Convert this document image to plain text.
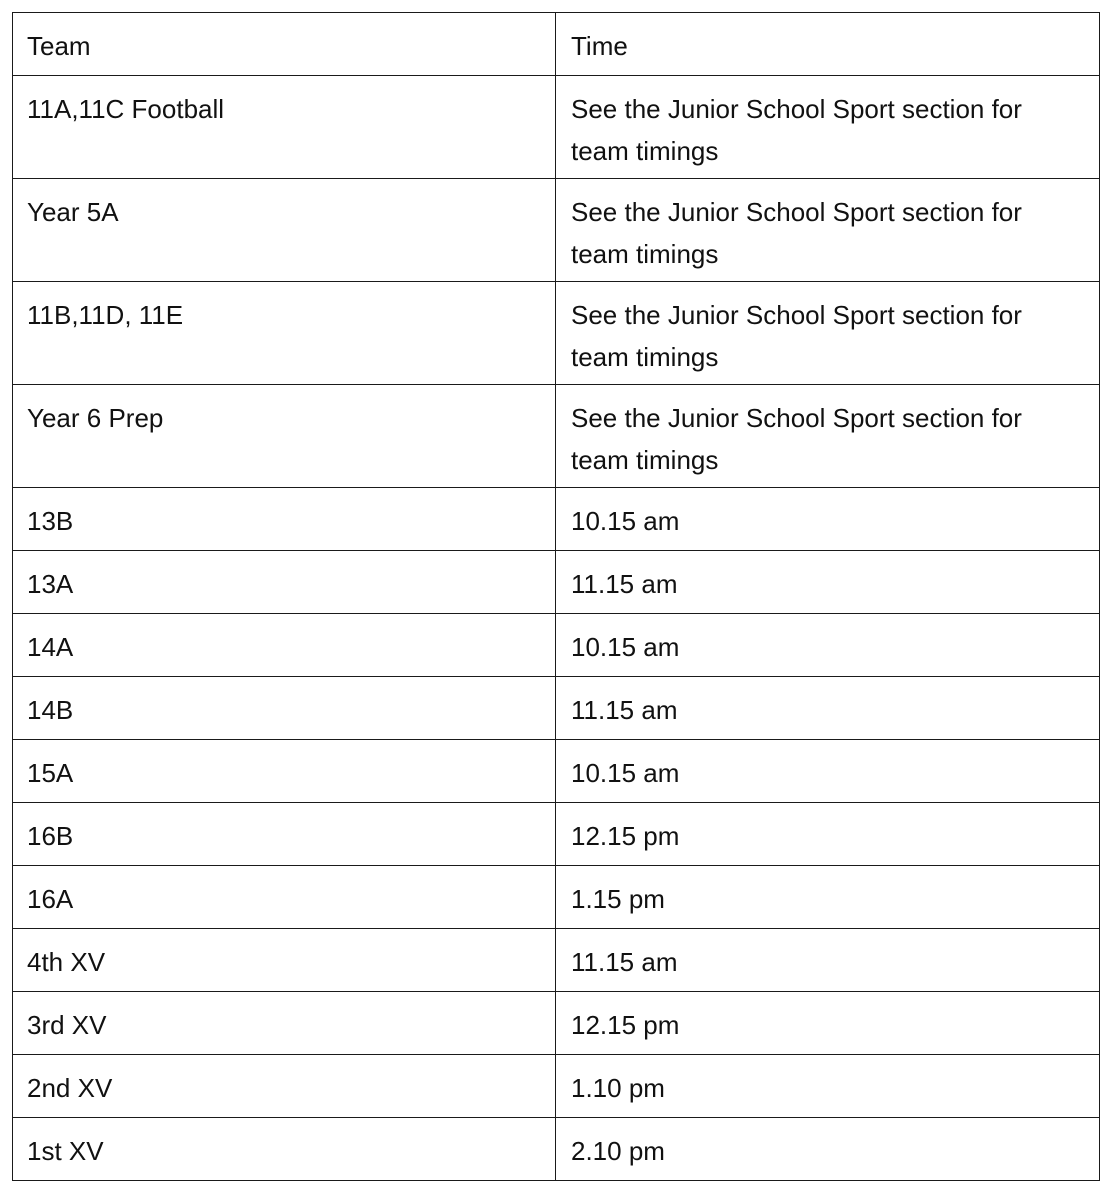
Team	Time
11A,11C Football	See the Junior School Sport section for team timings
Year 5A	See the Junior School Sport section for team timings
11B,11D, 11E	See the Junior School Sport section for team timings
Year 6 Prep	See the Junior School Sport section for team timings
13B	10.15 am
13A	11.15 am
14A	10.15 am
14B	11.15 am
15A	10.15 am
16B	12.15 pm
16A	1.15 pm
4th XV	11.15 am
3rd XV	12.15 pm
2nd XV	1.10 pm
1st XV	2.10 pm
